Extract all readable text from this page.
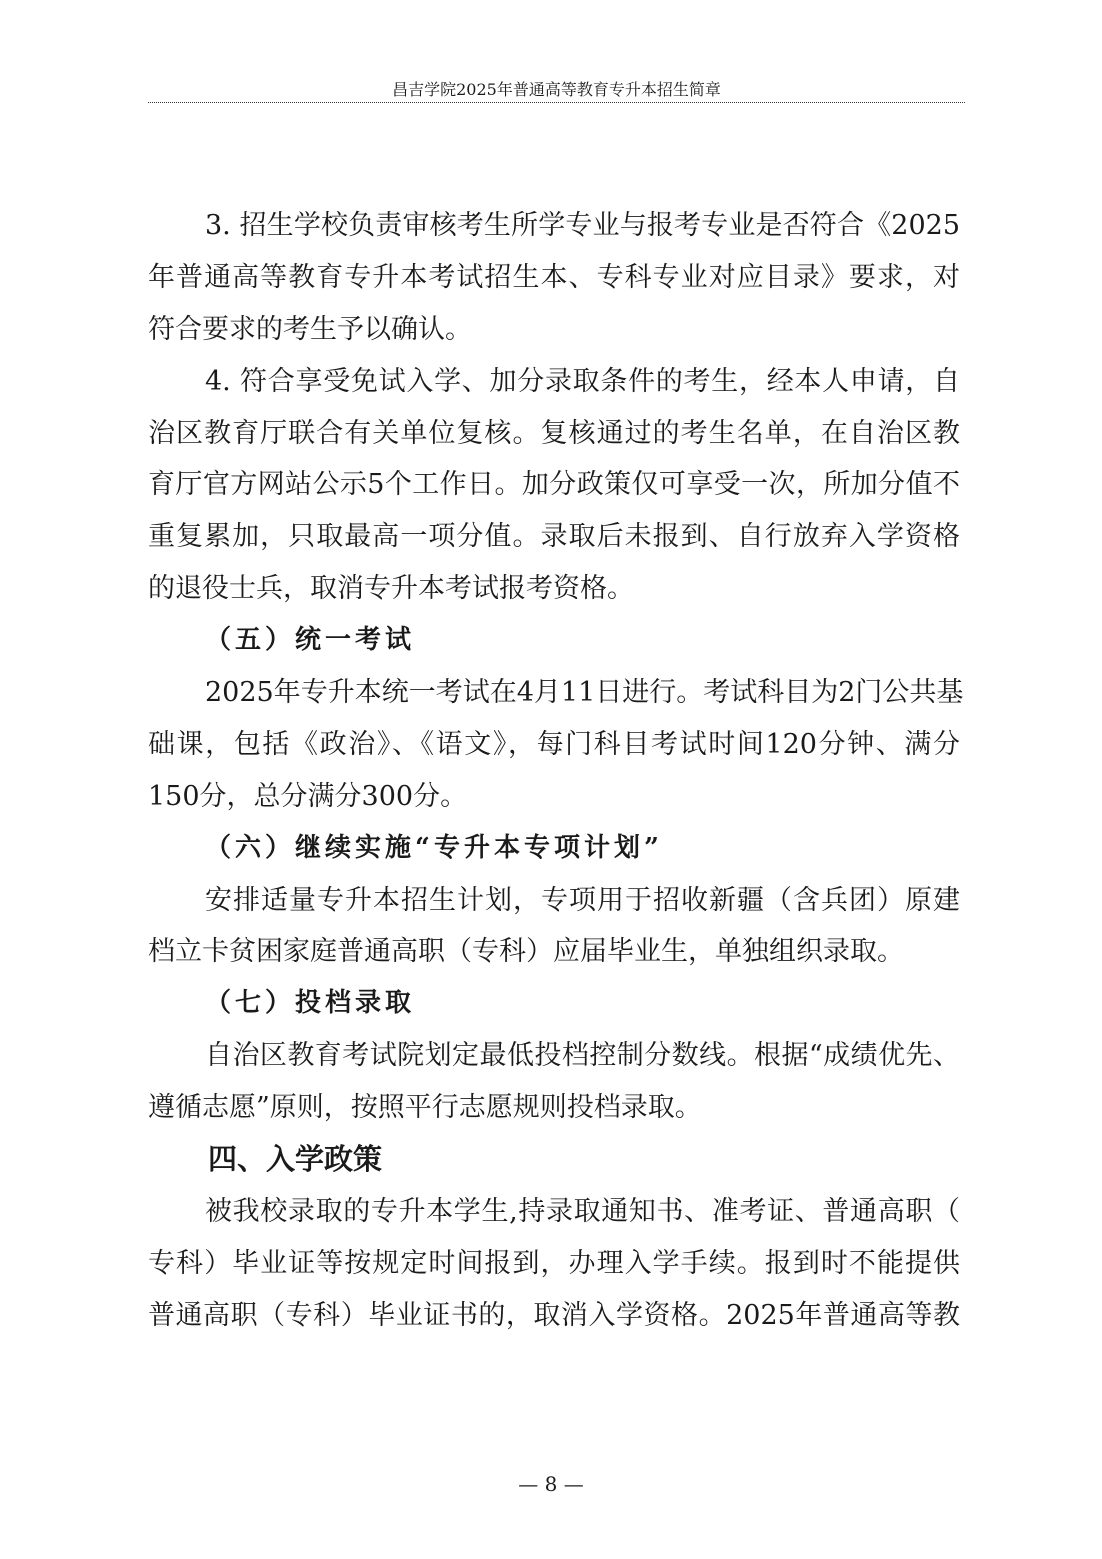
昌吉学院2025年普通高等教育专升本招生简章
3. 招生学校负责审核考生所学专业与报考专业是否符合《2025
年普通高等教育专升本考试招生本、专科专业对应目录》要求，对
符合要求的考生予以确认。
4. 符合享受免试入学、加分录取条件的考生，经本人申请，自
治区教育厅联合有关单位复核。复核通过的考生名单，在自治区教
育厅官方网站公示5个工作日。加分政策仅可享受一次，所加分值不
重复累加，只取最高一项分值。录取后未报到、自行放弃入学资格
的退役士兵，取消专升本考试报考资格。
（五）统一考试
2025年专升本统一考试在4月11日进行。考试科目为2门公共基
础课，包括《政治》、《语文》，每门科目考试时间120分钟、满分
150分，总分满分300分。
（六）继续实施“专升本专项计划”
安排适量专升本招生计划，专项用于招收新疆（含兵团）原建
档立卡贫困家庭普通高职（专科）应届毕业生，单独组织录取。
（七）投档录取
自治区教育考试院划定最低投档控制分数线。根据“成绩优先、
遵循志愿”原则，按照平行志愿规则投档录取。
四、入学政策
被我校录取的专升本学生,持录取通知书、准考证、普通高职（
专科）毕业证等按规定时间报到，办理入学手续。报到时不能提供
普通高职（专科）毕业证书的，取消入学资格。2025年普通高等教
— 8 —
